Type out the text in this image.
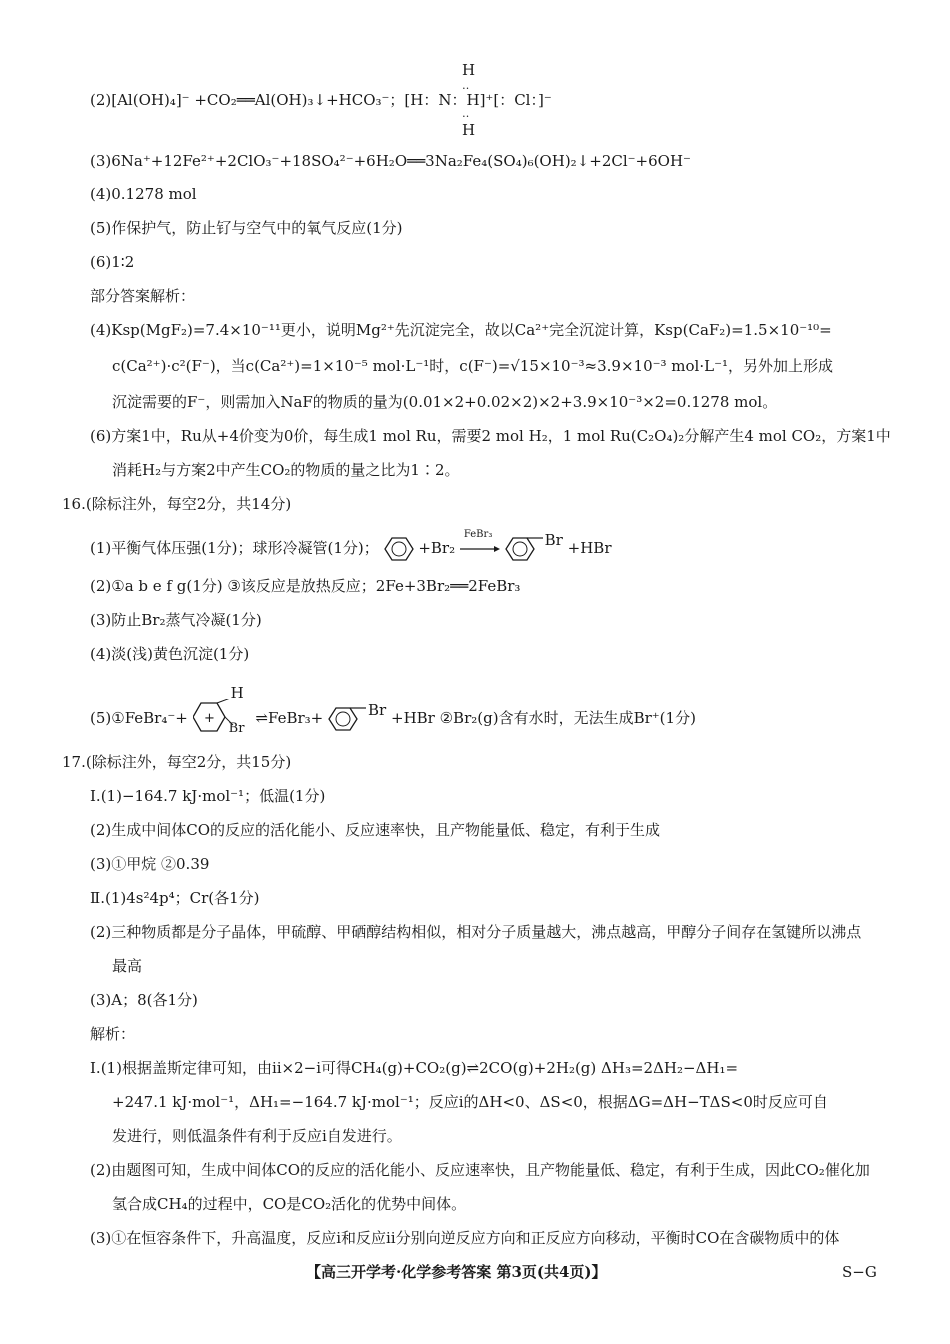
H
‥
(2)[Al(OH)₄]⁻ +CO₂══Al(OH)₃↓+HCO₃⁻；[H：N：H]⁺[：Cl：]⁻
‥
H
(3)6Na⁺+12Fe²⁺+2ClO₃⁻+18SO₄²⁻+6H₂O══3Na₂Fe₄(SO₄)₆(OH)₂↓+2Cl⁻+6OH⁻
(4)0.1278 mol
(5)作保护气，防止钌与空气中的氧气反应(1分)
(6)1∶2
部分答案解析：
(4)Ksp(MgF₂)=7.4×10⁻¹¹更小，说明Mg²⁺先沉淀完全，故以Ca²⁺完全沉淀计算，Ksp(CaF₂)=1.5×10⁻¹⁰=
c(Ca²⁺)·c²(F⁻)，当c(Ca²⁺)=1×10⁻⁵ mol·L⁻¹时，c(F⁻)=√15×10⁻³≈3.9×10⁻³ mol·L⁻¹，另外加上形成
沉淀需要的F⁻，则需加入NaF的物质的量为(0.01×2+0.02×2)×2+3.9×10⁻³×2=0.1278 mol。
(6)方案1中，Ru从+4价变为0价，每生成1 mol Ru，需要2 mol H₂，1 mol Ru(C₂O₄)₂分解产生4 mol CO₂，方案1中
消耗H₂与方案2中产生CO₂的物质的量之比为1∶2。
16.(除标注外，每空2分，共14分)
(1)平衡气体压强(1分)；球形冷凝管(1分)；	+Br₂
FeBr₃	Br +HBr
(2)①a b e f g(1分) ③该反应是放热反应；2Fe+3Br₂══2FeBr₃
(3)防止Br₂蒸气冷凝(1分)
(4)淡(浅)黄色沉淀(1分)
(5)①FeBr₄⁻+
H
+
Br
⇌FeBr₃+	Br +HBr ②Br₂(g)含有水时，无法生成Br⁺(1分)
17.(除标注外，每空2分，共15分)
Ⅰ.(1)−164.7 kJ·mol⁻¹；低温(1分)
(2)生成中间体CO的反应的活化能小、反应速率快，且产物能量低、稳定，有利于生成
(3)①甲烷 ②0.39
Ⅱ.(1)4s²4p⁴；Cr(各1分)
(2)三种物质都是分子晶体，甲硫醇、甲硒醇结构相似，相对分子质量越大，沸点越高，甲醇分子间存在氢键所以沸点
最高
(3)A；8(各1分)
解析：
Ⅰ.(1)根据盖斯定律可知，由ⅱ×2−ⅰ可得CH₄(g)+CO₂(g)⇌2CO(g)+2H₂(g) ΔH₃=2ΔH₂−ΔH₁=
+247.1 kJ·mol⁻¹，ΔH₁=−164.7 kJ·mol⁻¹；反应ⅰ的ΔH<0、ΔS<0，根据ΔG=ΔH−TΔS<0时反应可自
发进行，则低温条件有利于反应ⅰ自发进行。
(2)由题图可知，生成中间体CO的反应的活化能小、反应速率快，且产物能量低、稳定，有利于生成，因此CO₂催化加
氢合成CH₄的过程中，CO是CO₂活化的优势中间体。
(3)①在恒容条件下，升高温度，反应ⅰ和反应ⅱ分别向逆反应方向和正反应方向移动，平衡时CO在含碳物质中的体
【高三开学考·化学参考答案 第3页(共4页)】	S−G
